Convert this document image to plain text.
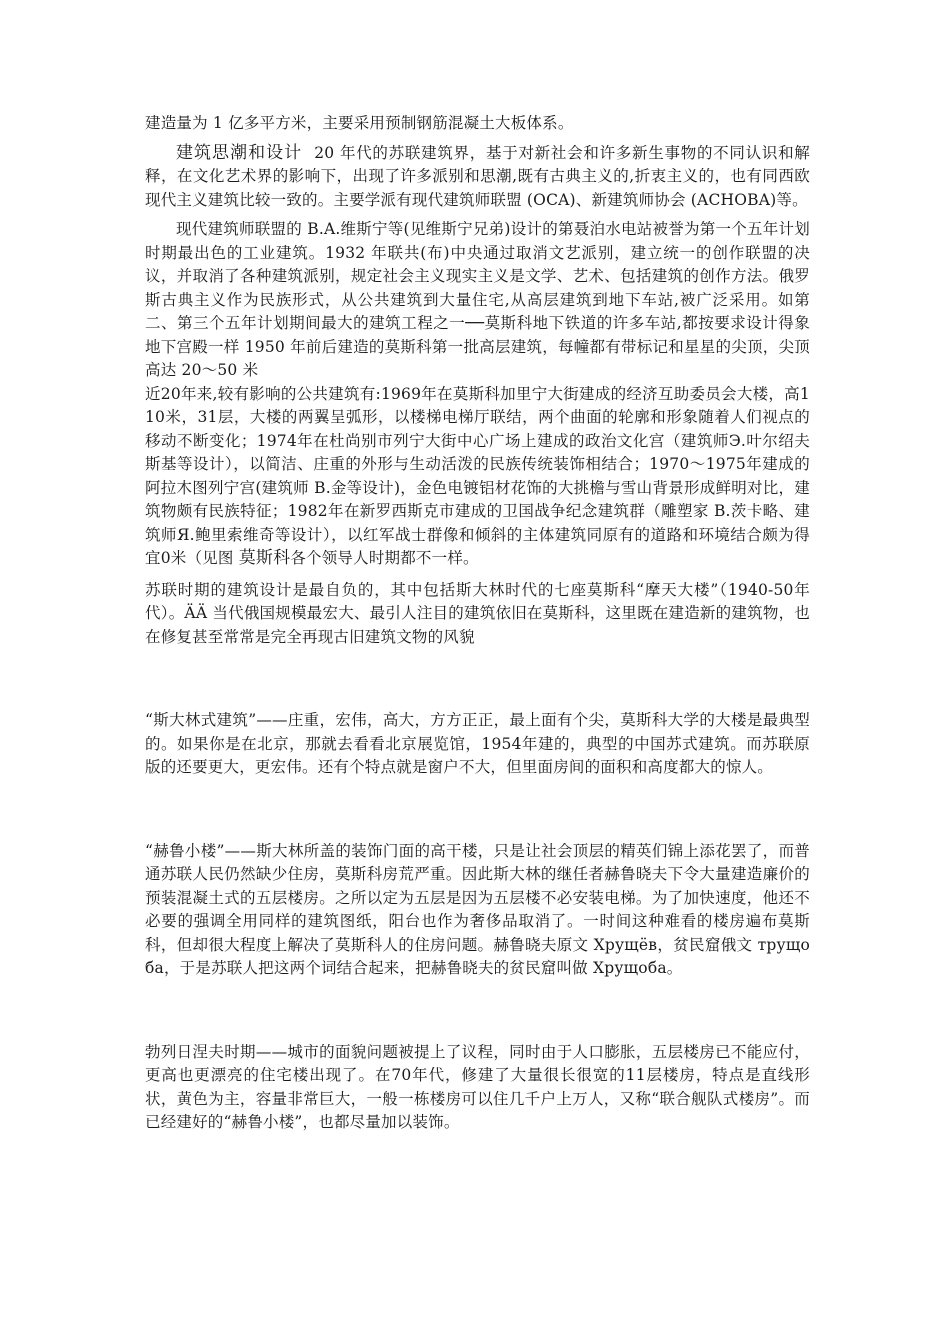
建造量为 1 亿多平方米，主要采用预制钢筋混凝土大板体系。

建筑思潮和设计 20 年代的苏联建筑界，基于对新社会和许多新生事物的不同认识和解释，在文化艺术界的影响下，出现了许多派别和思潮,既有古典主义的,折衷主义的，也有同西欧现代主义建筑比较一致的。主要学派有现代建筑师联盟 (OCA)、新建筑师协会 (ACHOBA)等。

现代建筑师联盟的 B.A.维斯宁等(见维斯宁兄弟)设计的第聂泊水电站被誉为第一个五年计划时期最出色的工业建筑。1932 年联共(布)中央通过取消文艺派别，建立统一的创作联盟的决议，并取消了各种建筑派别，规定社会主义现实主义是文学、艺术、包括建筑的创作方法。俄罗斯古典主义作为民族形式，从公共建筑到大量住宅,从高层建筑到地下车站,被广泛采用。如第二、第三个五年计划期间最大的建筑工程之一──莫斯科地下铁道的许多车站,都按要求设计得象地下宫殿一样 1950 年前后建造的莫斯科第一批高层建筑，每幢都有带标记和星星的尖顶，尖顶高达 20～50 米

近20年来,较有影响的公共建筑有:1969年在莫斯科加里宁大街建成的经济互助委员会大楼，高110米，31层，大楼的两翼呈弧形，以楼梯电梯厅联结，两个曲面的轮廓和形象随着人们视点的移动不断变化；1974年在杜尚别市列宁大街中心广场上建成的政治文化宫（建筑师Э.叶尔绍夫斯基等设计），以简洁、庄重的外形与生动活泼的民族传统装饰相结合；1970～1975年建成的阿拉木图列宁宫(建筑师 B.金等设计)，金色电镀铝材花饰的大挑檐与雪山背景形成鲜明对比，建筑物颇有民族特征；1982年在新罗西斯克市建成的卫国战争纪念建筑群（雕塑家 B.茨卡略、建筑师Я.鲍里索维奇等设计），以红军战士群像和倾斜的主体建筑同原有的道路和环境结合颇为得宜0米（见图 莫斯科各个领导人时期都不一样。

苏联时期的建筑设计是最自负的，其中包括斯大林时代的七座莫斯科“摩天大楼”（1940-50年代）。ÄÄ 当代俄国规模最宏大、最引人注目的建筑依旧在莫斯科，这里既在建造新的建筑物，也在修复甚至常常是完全再现古旧建筑文物的风貌

“斯大林式建筑”——庄重，宏伟，高大，方方正正，最上面有个尖，莫斯科大学的大楼是最典型的。如果你是在北京，那就去看看北京展览馆，1954年建的，典型的中国苏式建筑。而苏联原版的还要更大，更宏伟。还有个特点就是窗户不大，但里面房间的面积和高度都大的惊人。

“赫鲁小楼”——斯大林所盖的装饰门面的高干楼，只是让社会顶层的精英们锦上添花罢了，而普通苏联人民仍然缺少住房，莫斯科房荒严重。因此斯大林的继任者赫鲁晓夫下令大量建造廉价的预装混凝土式的五层楼房。之所以定为五层是因为五层楼不必安装电梯。为了加快速度，他还不必要的强调全用同样的建筑图纸，阳台也作为奢侈品取消了。一时间这种难看的楼房遍布莫斯科，但却很大程度上解决了莫斯科人的住房问题。赫鲁晓夫原文 Хрущёв，贫民窟俄文 трущоба，于是苏联人把这两个词结合起来，把赫鲁晓夫的贫民窟叫做 Хрущоба。

勃列日涅夫时期——城市的面貌问题被提上了议程，同时由于人口膨胀，五层楼房已不能应付，更高也更漂亮的住宅楼出现了。在70年代，修建了大量很长很宽的11层楼房，特点是直线形状，黄色为主，容量非常巨大，一般一栋楼房可以住几千户上万人，又称“联合舰队式楼房”。而已经建好的“赫鲁小楼”，也都尽量加以装饰。
